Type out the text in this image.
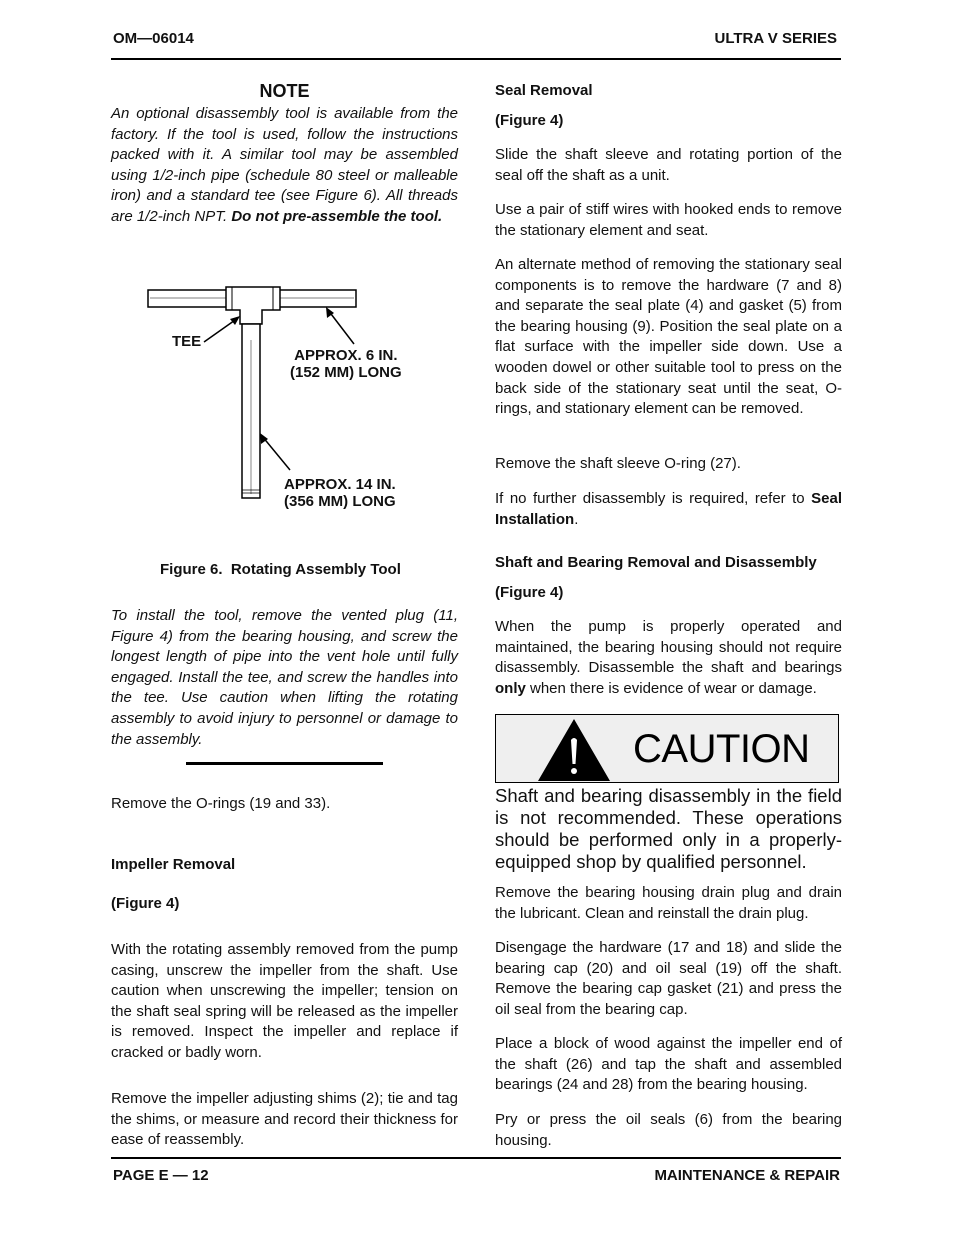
OM​—06014	ULTRA V SERIES
NOTE

An optional disassembly tool is available from the factory. If the tool is used, follow the instructions packed with it. A similar tool may be assembled using 1/2-inch pipe (schedule 80 steel or malleable iron) and a standard tee (see Figure 6). All threads are 1/2-inch NPT. Do not pre-assemble the tool.

TEE
APPROX. 6 IN.
(152 MM) LONG
APPROX. 14 IN.
(356 MM) LONG
Figure 6.  Rotating Assembly Tool

To install the tool, remove the vented plug (11, Figure 4) from the bearing housing, and screw the longest length of pipe into the vent hole until fully engaged. Install the tee, and screw the handles into the tee. Use caution when lifting the rotating assembly to avoid injury to personnel or damage to the assembly.

Remove the O-rings (19 and 33).
Impeller Removal
(Figure 4)

With the rotating assembly removed from the pump casing, unscrew the impeller from the shaft. Use caution when unscrewing the impeller; tension on the shaft seal spring will be released as the impeller is removed. Inspect the impeller and replace if cracked or badly worn.

Remove the impeller adjusting shims (2); tie and tag the shims, or measure and record their thickness for ease of reassembly.

Seal Removal
(Figure 4)
Slide the shaft sleeve and rotating portion of the seal off the shaft as a unit.
Use a pair of stiff wires with hooked ends to remove the stationary element and seat.
An alternate method of removing the stationary seal components is to remove the hardware (7 and 8) and separate the seal plate (4) and gasket (5) from the bearing housing (9). Position the seal plate on a flat surface with the impeller side down. Use a wooden dowel or other suitable tool to press on the back side of the stationary seat until the seat, O-rings, and stationary element can be removed.
Remove the shaft sleeve O-ring (27).

If no further disassembly is required, refer to Seal Installation.

Shaft and Bearing Removal and Disassembly
(Figure 4)

When the pump is properly operated and maintained, the bearing housing should not require disassembly. Disassemble the shaft and bearings only when there is evidence of wear or damage.

CAUTION
Shaft and bearing disassembly in the field is not recommended. These operations should be performed only in a properly-equipped shop by qualified personnel.
Remove the bearing housing drain plug and drain the lubricant. Clean and reinstall the drain plug.
Disengage the hardware (17 and 18) and slide the bearing cap (20) and oil seal (19) off the shaft. Remove the bearing cap gasket (21) and press the oil seal from the bearing cap.
Place a block of wood against the impeller end of the shaft (26) and tap the shaft and assembled bearings (24 and 28) from the bearing housing.
Pry or press the oil seals (6) from the bearing housing.
PAGE E — 12	MAINTENANCE & REPAIR
